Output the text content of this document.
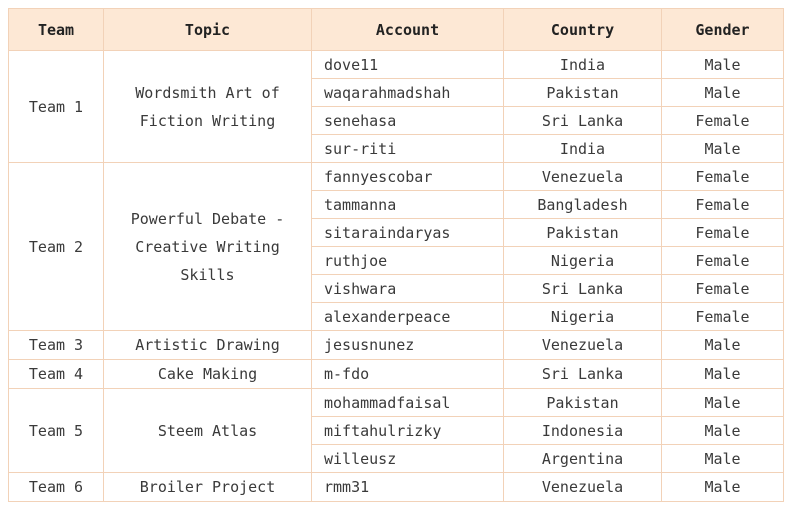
Team	Topic	Account	Country	Gender
Team 1	Wordsmith Art of Fiction Writing	dove11	India	Male
		waqarahmadshah	Pakistan	Male
		senehasa	Sri Lanka	Female
		sur-riti	India	Male
Team 2	Powerful Debate - Creative Writing Skills	fannyescobar	Venezuela	Female
		tammanna	Bangladesh	Female
		sitaraindaryas	Pakistan	Female
		ruthjoe	Nigeria	Female
		vishwara	Sri Lanka	Female
		alexanderpeace	Nigeria	Female
Team 3	Artistic Drawing	jesusnunez	Venezuela	Male
Team 4	Cake Making	m-fdo	Sri Lanka	Male
Team 5	Steem Atlas	mohammadfaisal	Pakistan	Male
		miftahulrizky	Indonesia	Male
		willeusz	Argentina	Male
Team 6	Broiler Project	rmm31	Venezuela	Male
